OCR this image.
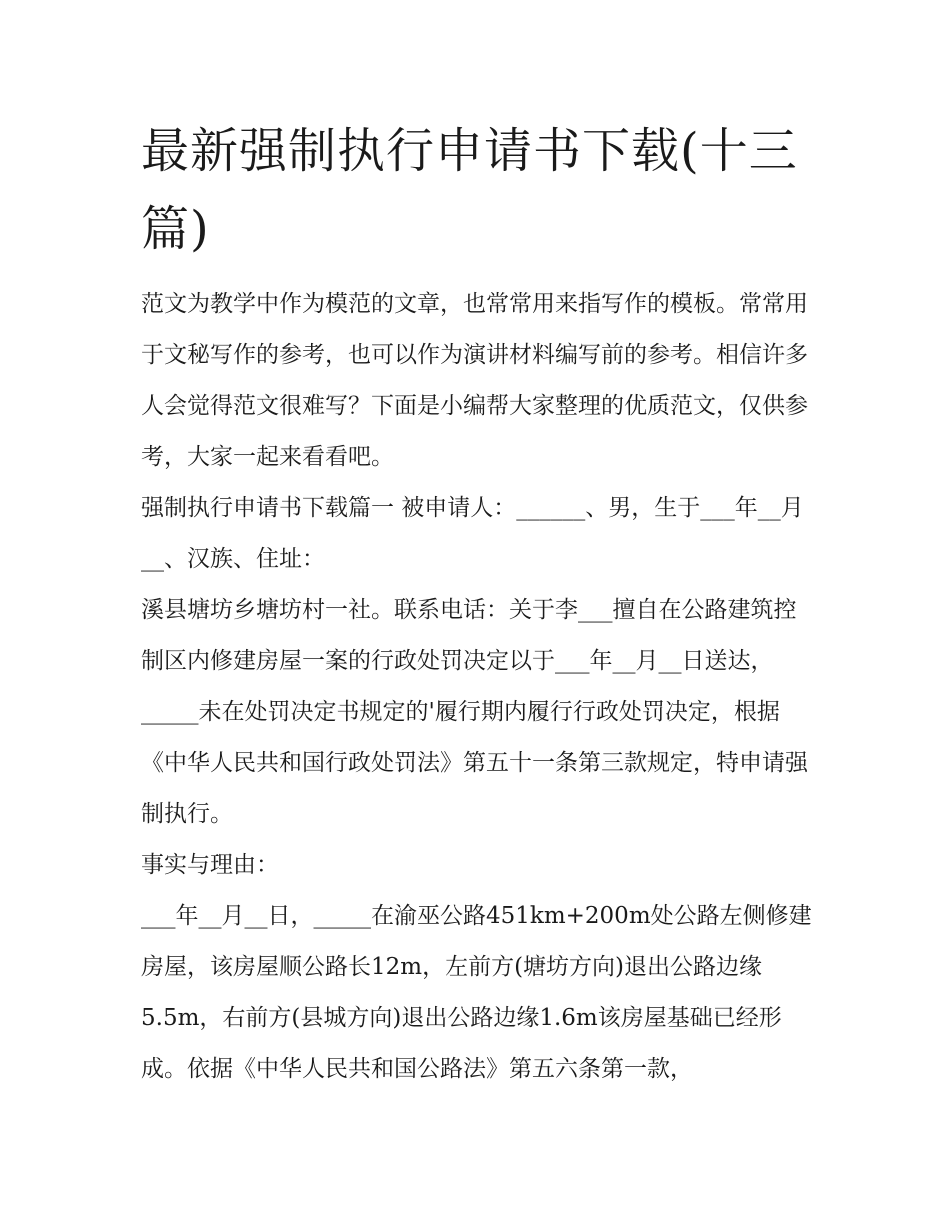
最新强制执行申请书下载(十三篇)

范文为教学中作为模范的文章，也常常用来指写作的模板。常常用于文秘写作的参考，也可以作为演讲材料编写前的参考。相信许多人会觉得范文很难写？下面是小编帮大家整理的优质范文，仅供参考，大家一起来看看吧。

强制执行申请书下载篇一 被申请人：______、男，生于___年__月__、汉族、住址：

溪县塘坊乡塘坊村一社。联系电话：关于李___擅自在公路建筑控制区内修建房屋一案的行政处罚决定以于___年__月__日送达，_____未在处罚决定书规定的'履行期内履行行政处罚决定，根据《中华人民共和国行政处罚法》第五十一条第三款规定，特申请强制执行。

事实与理由：

___年__月__日，_____在渝巫公路451km+200m处公路左侧修建房屋，该房屋顺公路长12m，左前方(塘坊方向)退出公路边缘5.5m，右前方(县城方向)退出公路边缘1.6m该房屋基础已经形成。依据《中华人民共和国公路法》第五六条第一款，
